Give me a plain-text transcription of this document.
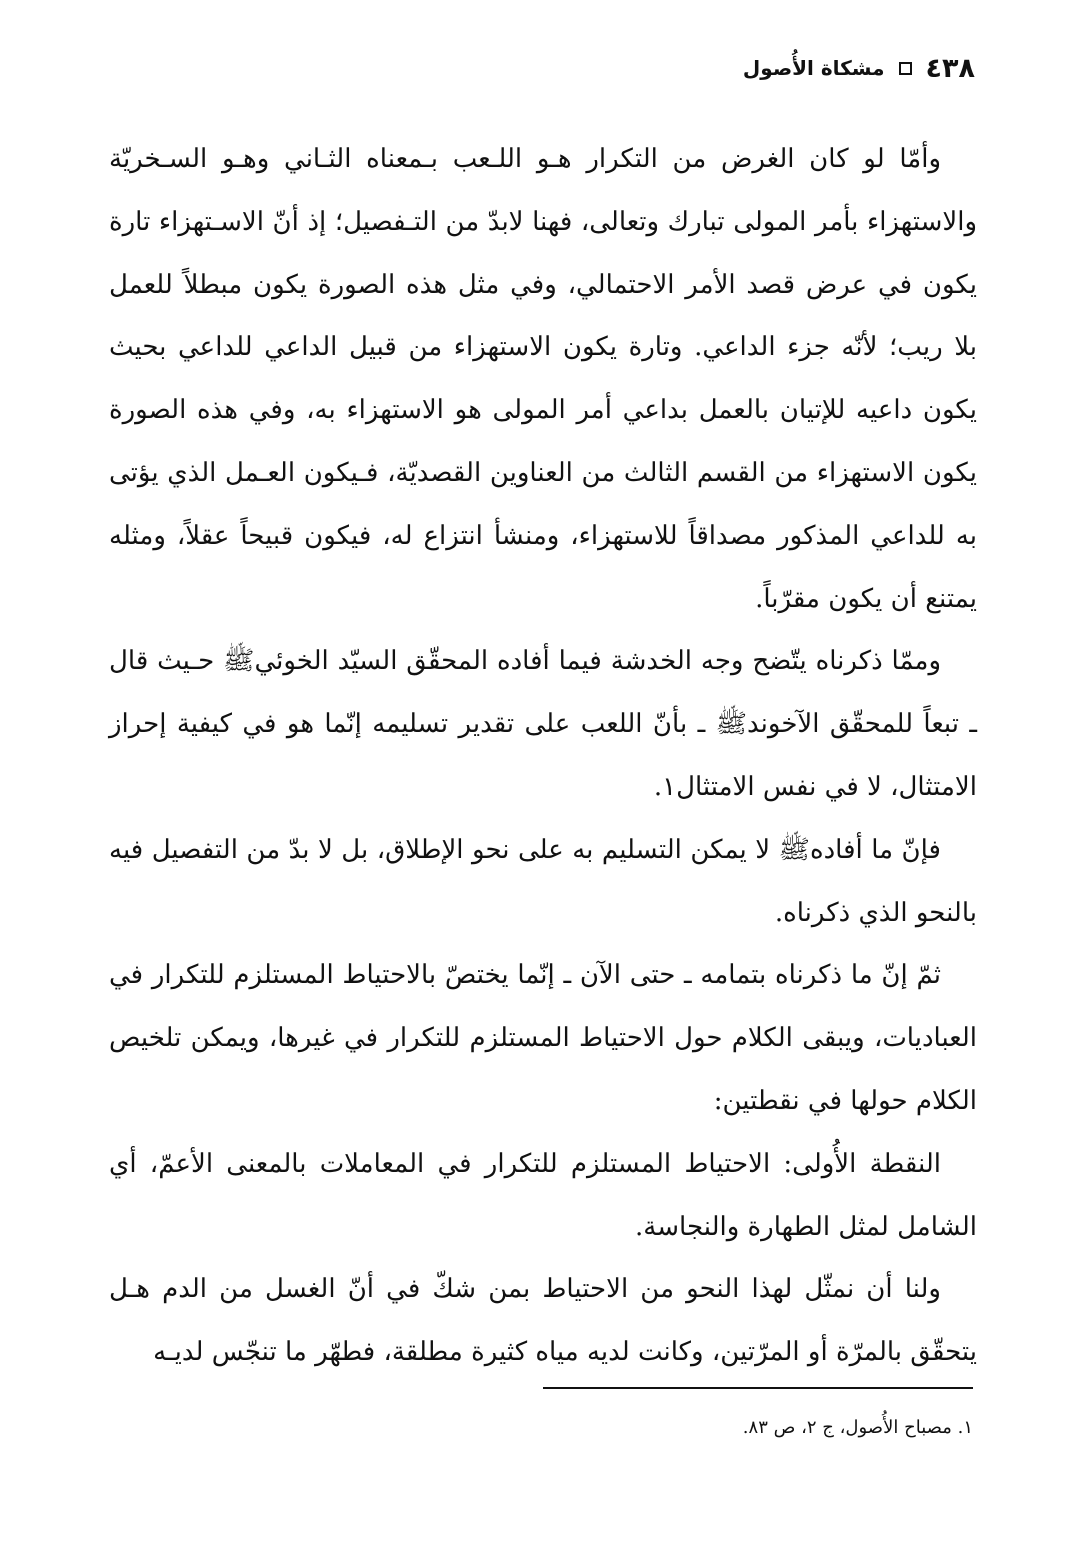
٤٣٨
مشكاة الأُصول

وأمّا لو كان الغرض من التكرار هـو اللـعب بـمعناه الثـاني وهـو السـخريّة والاستهزاء بأمر المولى تبارك وتعالى، فهنا لابدّ من التـفصيل؛ إذ أنّ الاسـتهزاء تارة يكون في عرض قصد الأمر الاحتمالي، وفي مثل هذه الصورة يكون مبطلاً للعمل بلا ريب؛ لأنّه جزء الداعي. وتارة يكون الاستهزاء من قبيل الداعي للداعي بحيث يكون داعيه للإتيان بالعمل بداعي أمر المولى هو الاستهزاء به، وفي هذه الصورة يكون الاستهزاء من القسم الثالث من العناوين القصديّة، فـيكون العـمل الذي يؤتى به للداعي المذكور مصداقاً للاستهزاء، ومنشأ انتزاع له، فيكون قبيحاً عقلاً، ومثله يمتنع أن يكون مقرّباً.

وممّا ذكرناه يتّضح وجه الخدشة فيما أفاده المحقّق السيّد الخوئيﷺ حـيث قال ـ تبعاً للمحقّق الآخوندﷺ ـ بأنّ اللعب على تقدير تسليمه إنّما هو في كيفية إحراز الامتثال، لا في نفس الامتثال١.

فإنّ ما أفادهﷺ لا يمكن التسليم به على نحو الإطلاق، بل لا بدّ من التفصيل فيه بالنحو الذي ذكرناه.

ثمّ إنّ ما ذكرناه بتمامه ـ حتى الآن ـ إنّما يختصّ بالاحتياط المستلزم للتكرار في العباديات، ويبقى الكلام حول الاحتياط المستلزم للتكرار في غيرها، ويمكن تلخيص الكلام حولها في نقطتين:

النقطة الأُولى: الاحتياط المستلزم للتكرار في المعاملات بالمعنى الأعمّ، أي الشامل لمثل الطهارة والنجاسة.

ولنا أن نمثّل لهذا النحو من الاحتياط بمن شكّ في أنّ الغسل من الدم هـل يتحقّق بالمرّة أو المرّتين، وكانت لديه مياه كثيرة مطلقة، فطهّر ما تنجّس لديـه

١. مصباح الأُصول، ج ٢، ص ٨٣.
